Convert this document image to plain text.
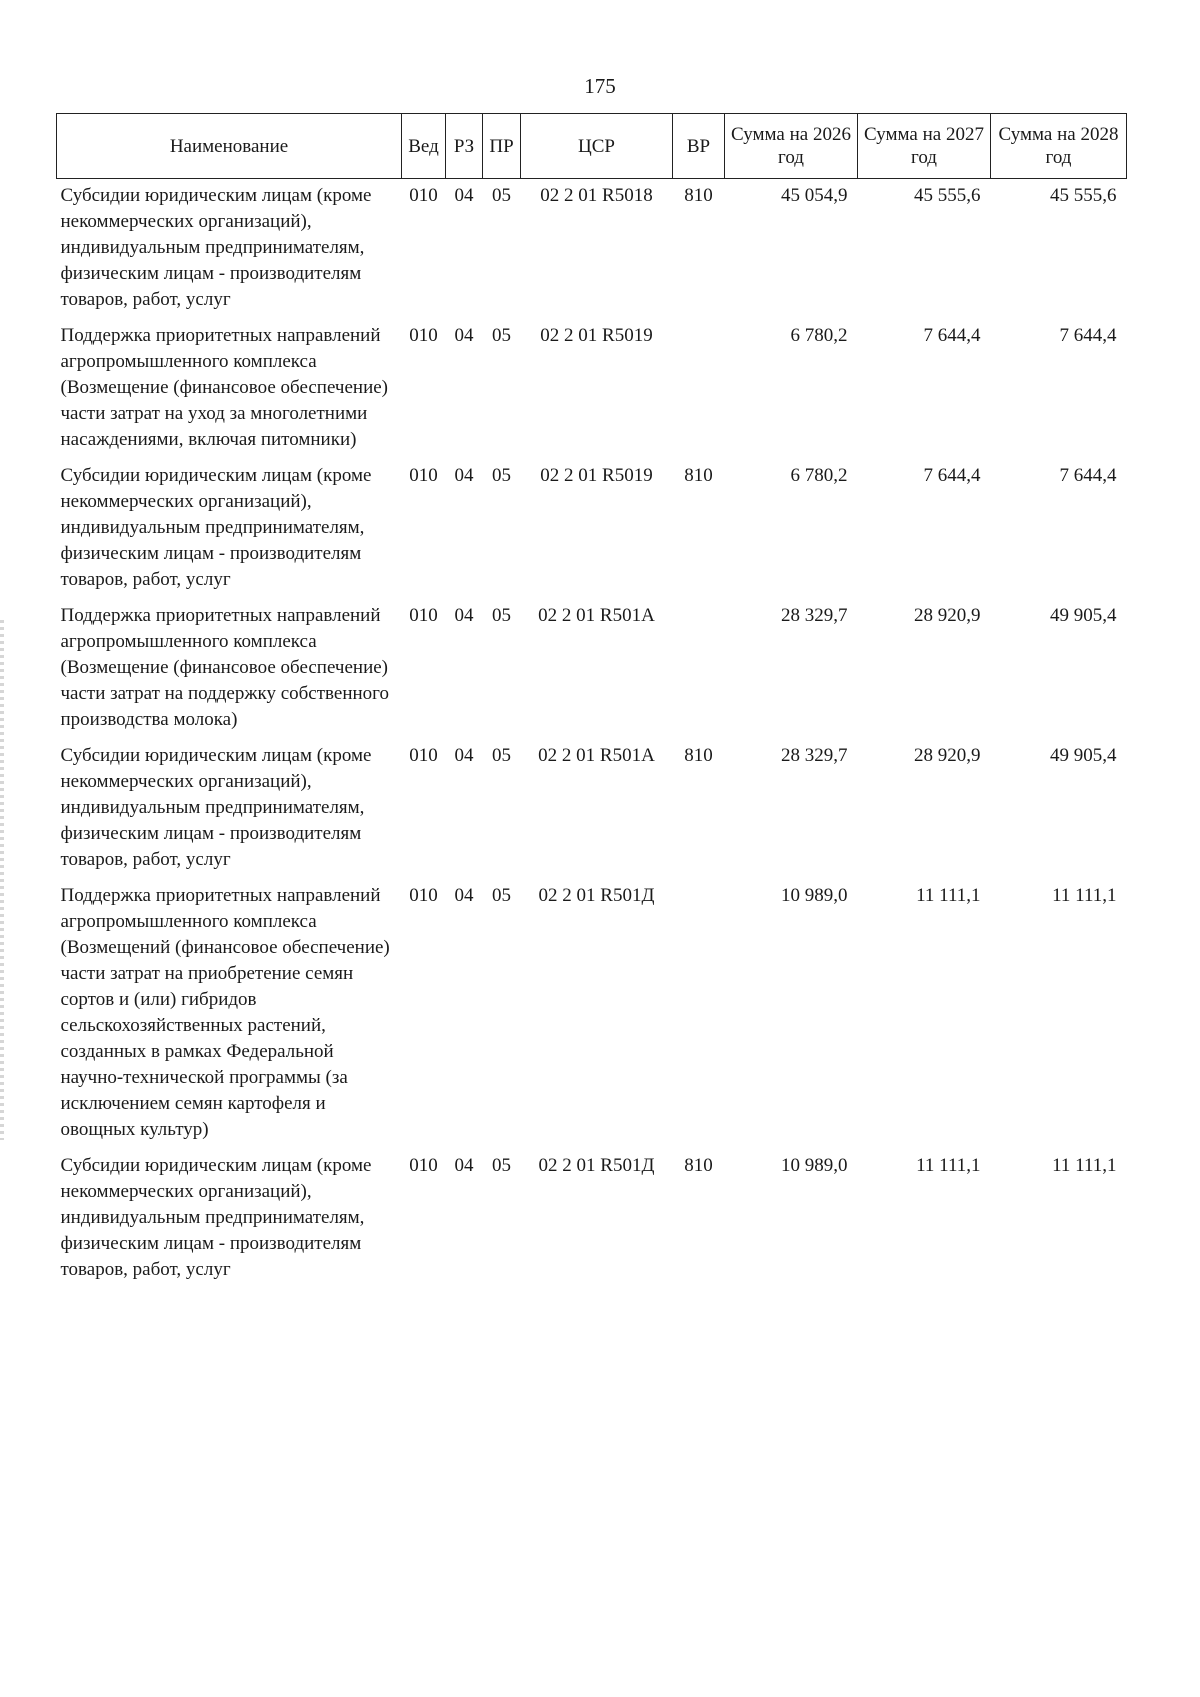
175
Наименование	Вед	РЗ	ПР	ЦСР	ВР	Сумма на 2026 год	Сумма на 2027 год	Сумма на 2028 год

Субсидии юридическим лицам (кроме некоммерческих организаций), индивидуальным предпринимателям, физическим лицам - производителям товаров, работ, услуг	010	04	05	02 2 01 R5018	810	45 054,9	45 555,6	45 555,6

Поддержка приоритетных направлений агропромышленного комплекса (Возмещение (финансовое обеспечение) части затрат на уход за многолетними насаждениями, включая питомники)	010	04	05	02 2 01 R5019		6 780,2	7 644,4	7 644,4

Субсидии юридическим лицам (кроме некоммерческих организаций), индивидуальным предпринимателям, физическим лицам - производителям товаров, работ, услуг	010	04	05	02 2 01 R5019	810	6 780,2	7 644,4	7 644,4

Поддержка приоритетных направлений агропромышленного комплекса (Возмещение (финансовое обеспечение) части затрат на поддержку собственного производства молока)	010	04	05	02 2 01 R501А		28 329,7	28 920,9	49 905,4

Субсидии юридическим лицам (кроме некоммерческих организаций), индивидуальным предпринимателям, физическим лицам - производителям товаров, работ, услуг	010	04	05	02 2 01 R501А	810	28 329,7	28 920,9	49 905,4

Поддержка приоритетных направлений агропромышленного комплекса (Возмещений (финансовое обеспечение) части затрат на приобретение семян сортов и (или) гибридов сельскохозяйственных растений, созданных в рамках Федеральной научно-технической программы (за исключением семян картофеля и овощных культур)	010	04	05	02 2 01 R501Д		10 989,0	11 111,1	11 111,1

Субсидии юридическим лицам (кроме некоммерческих организаций), индивидуальным предпринимателям, физическим лицам - производителям товаров, работ, услуг	010	04	05	02 2 01 R501Д	810	10 989,0	11 111,1	11 111,1
